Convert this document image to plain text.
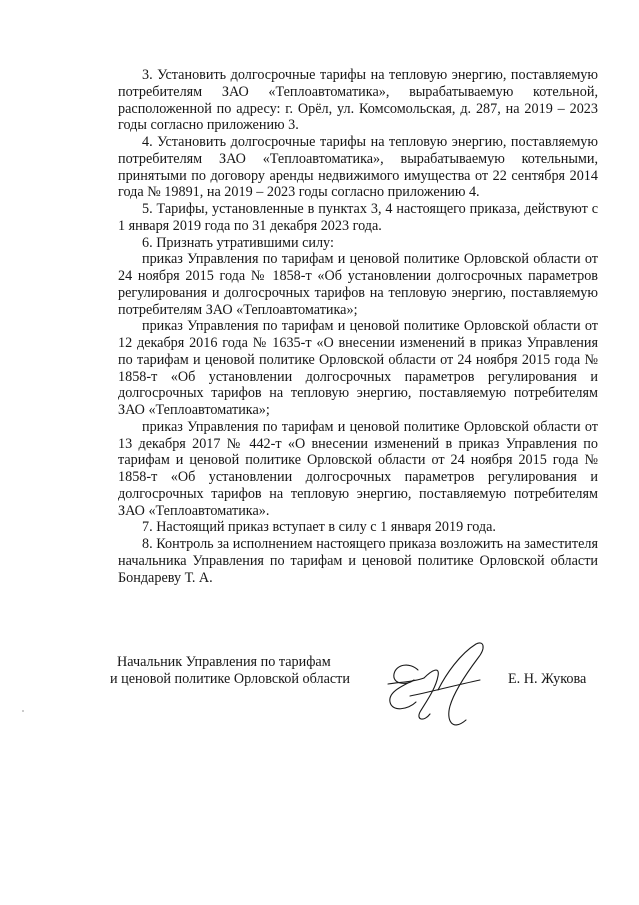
3. Установить долгосрочные тарифы на тепловую энергию, поставляемую потребителям ЗАО «Теплоавтоматика», вырабатываемую котельной, расположенной по адресу: г. Орёл, ул. Комсомольская, д. 287, на 2019 – 2023 годы согласно приложению 3.

4. Установить долгосрочные тарифы на тепловую энергию, поставляемую потребителям ЗАО «Теплоавтоматика», вырабатываемую котельными, принятыми по договору аренды недвижимого имущества от 22 сентября 2014 года № 19891, на 2019 – 2023 годы согласно приложению 4.

5. Тарифы, установленные в пунктах 3, 4 настоящего приказа, действуют с 1 января 2019 года по 31 декабря 2023 года.

6. Признать утратившими силу:

приказ Управления по тарифам и ценовой политике Орловской области от 24 ноября 2015 года № 1858-т «Об установлении долгосрочных параметров регулирования и долгосрочных тарифов на тепловую энергию, поставляемую потребителям ЗАО «Теплоавтоматика»;

приказ Управления по тарифам и ценовой политике Орловской области от 12 декабря 2016 года № 1635-т «О внесении изменений в приказ Управления по тарифам и ценовой политике Орловской области от 24 ноября 2015 года № 1858-т «Об установлении долгосрочных параметров регулирования и долгосрочных тарифов на тепловую энергию, поставляемую потребителям ЗАО «Теплоавтоматика»;

приказ Управления по тарифам и ценовой политике Орловской области от 13 декабря 2017 № 442-т «О внесении изменений в приказ Управления по тарифам и ценовой политике Орловской области от 24 ноября 2015 года № 1858-т «Об установлении долгосрочных параметров регулирования и долгосрочных тарифов на тепловую энергию, поставляемую потребителям ЗАО «Теплоавтоматика».

7. Настоящий приказ вступает в силу с 1 января 2019 года.

8. Контроль за исполнением настоящего приказа возложить на заместителя начальника Управления по тарифам и ценовой политике Орловской области Бондареву Т. А.

Начальник Управления по тарифам
и ценовой политике Орловской области	Е. Н. Жукова
